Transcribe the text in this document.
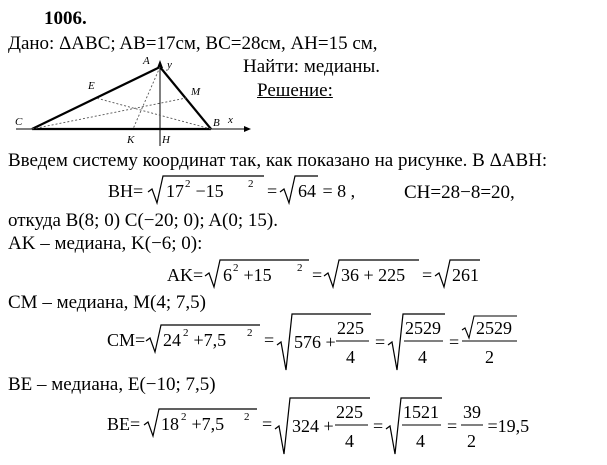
1006.
Дано: ΔABC; AB=17см, BC=28см, AH=15 см,
Найти: медианы.
Решение:
A y
C
E	M
K	H
B x
Введем систему координат так, как показано на рисунке. В ΔABH:
BH= 17 2 −15 2 = 64 = 8 ,	CH=28−8=20,
откуда B(8; 0) C(−20; 0); A(0; 15).
AK – медиана, K(−6; 0):
AK= 6 2 +15 2 = 36 + 225 = 261
CM – медиана, M(4; 7,5)
CM= 24 2 +7,5 2 = 576 +
225
4
=
2529
4
=
2529
2
BE – медиана, E(−10; 7,5)
BE= 18 2 +7,5 2 = 324 +
225
4
=
1521
4
=
39
2
=19,5
